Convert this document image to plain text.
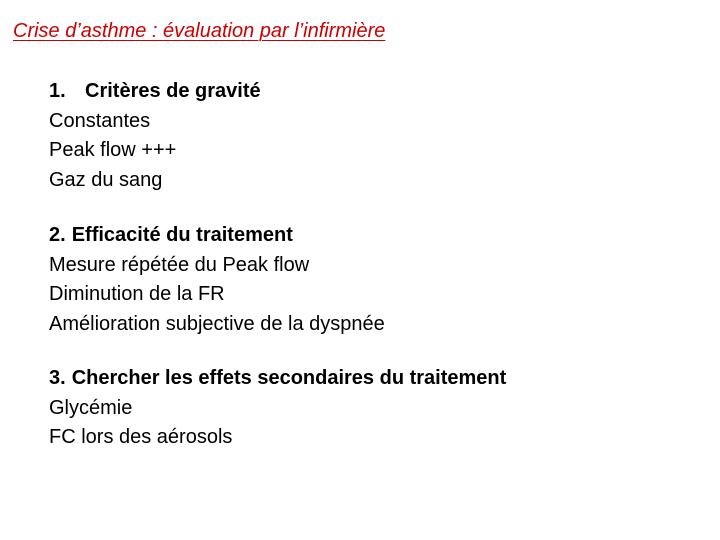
Crise d’asthme : évaluation par l’infirmière
1. Critères de gravité
Constantes
Peak flow +++
Gaz du sang
2. Efficacité du traitement
Mesure répétée du Peak flow
Diminution de la FR
Amélioration subjective de la dyspnée
3. Chercher les effets secondaires du traitement
Glycémie
FC lors des aérosols
